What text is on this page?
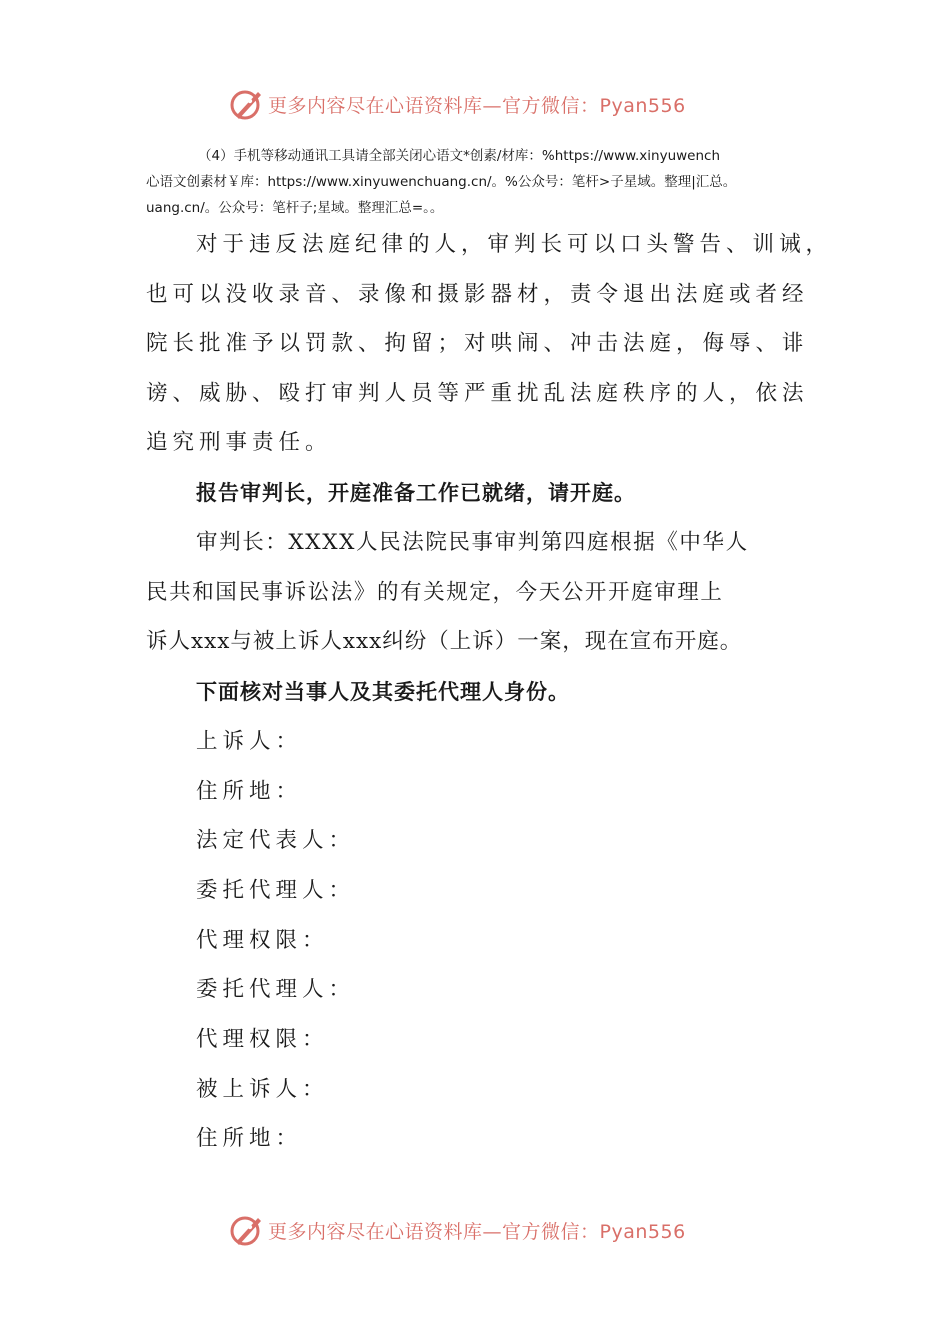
更多内容尽在心语资料库—官方微信：Pyan556
（4）手机等移动通讯工具请全部关闭心语文*创素/材库：%https://www.xinyuwench
心语文创素材￥库：https://www.xinyuwenchuang.cn/。%公众号：笔杆>子星域。整理|汇总。
uang.cn/。公众号：笔杆子;星域。整理汇总=。。
对于违反法庭纪律的人，审判长可以口头警告、训诫，
也可以没收录音、录像和摄影器材，责令退出法庭或者经
院长批准予以罚款、拘留；对哄闹、冲击法庭，侮辱、诽
谤、威胁、殴打审判人员等严重扰乱法庭秩序的人，依法
追究刑事责任。
报告审判长，开庭准备工作已就绪，请开庭。
审判长：XXXX人民法院民事审判第四庭根据《中华人
民共和国民事诉讼法》的有关规定，今天公开开庭审理上
诉人xxx与被上诉人xxx纠纷（上诉）一案，现在宣布开庭。
下面核对当事人及其委托代理人身份。
上诉人：
住所地：
法定代表人：
委托代理人：
代理权限：
委托代理人：
代理权限：
被上诉人：
住所地：
更多内容尽在心语资料库—官方微信：Pyan556
